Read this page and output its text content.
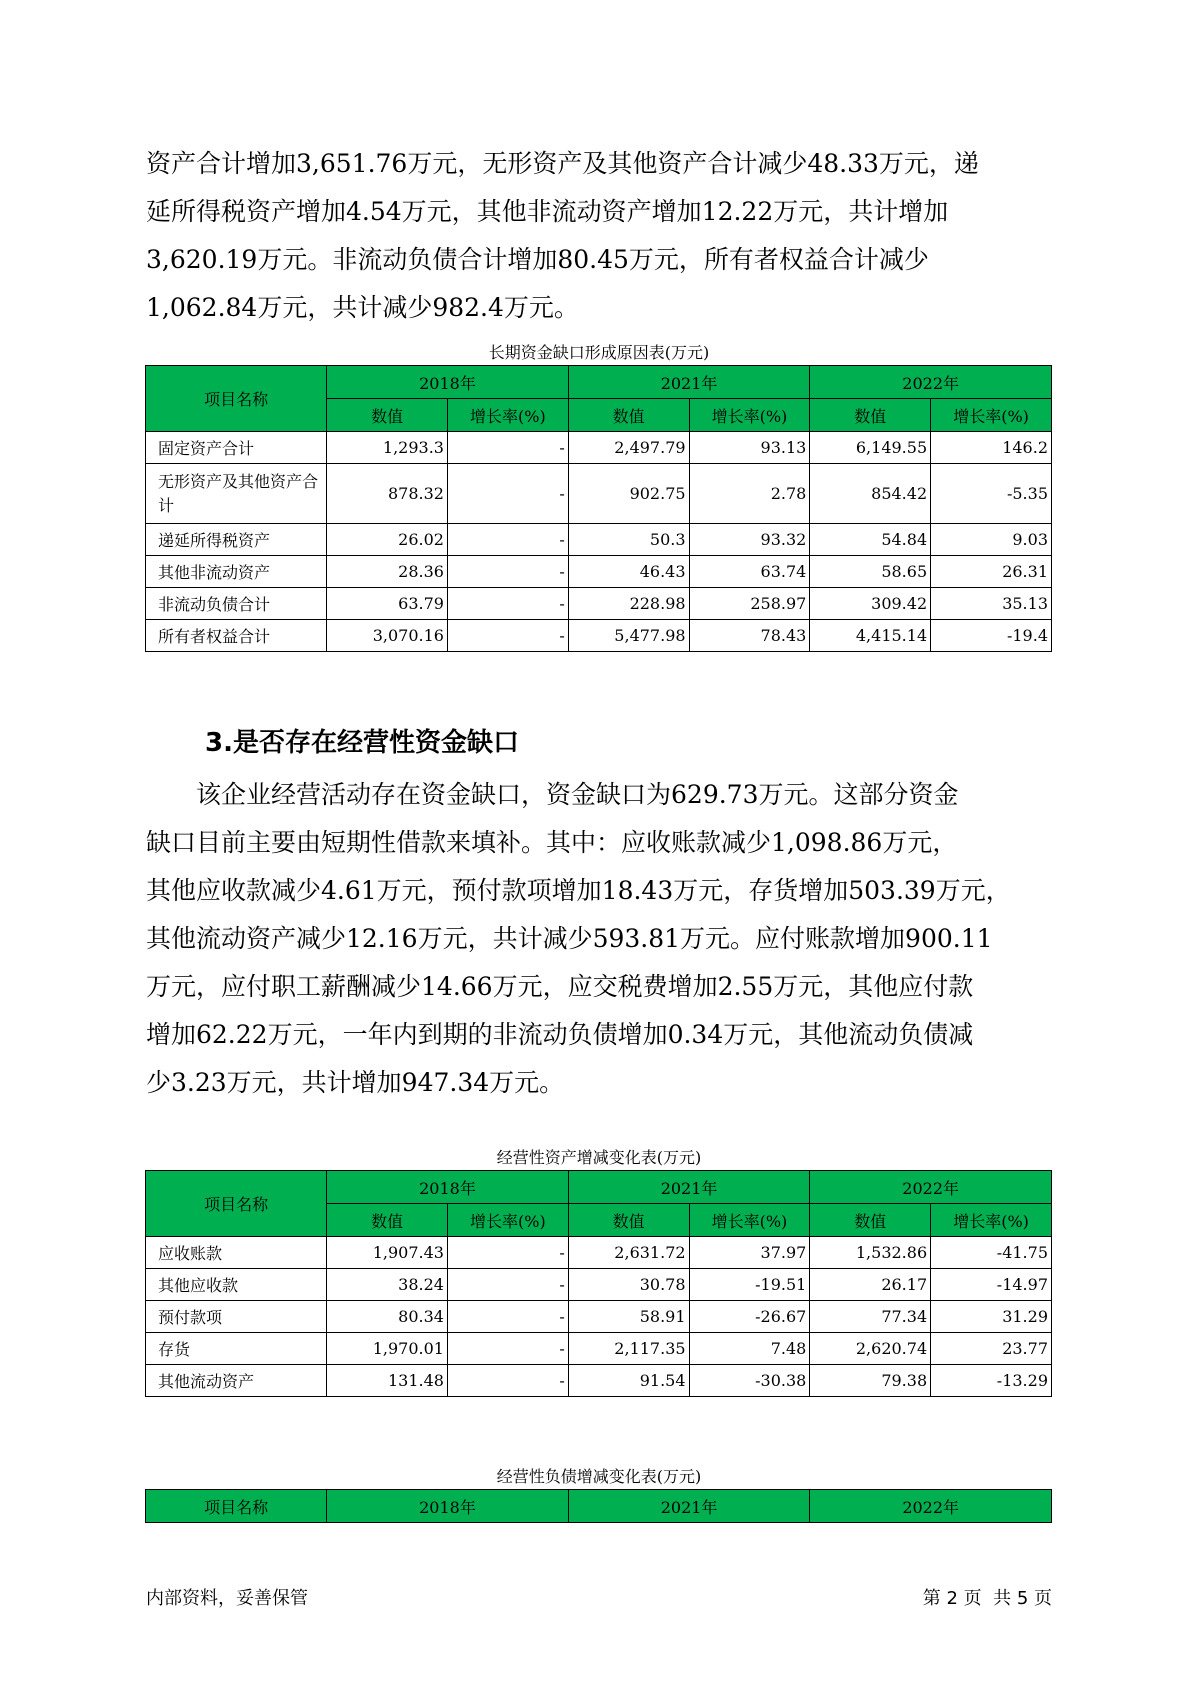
资产合计增加3,651.76万元，无形资产及其他资产合计减少48.33万元，递
延所得税资产增加4.54万元，其他非流动资产增加12.22万元，共计增加
3,620.19万元。非流动负债合计增加80.45万元，所有者权益合计减少
1,062.84万元，共计减少982.4万元。
长期资金缺口形成原因表(万元)
项目名称	2018年		2021年		2022年	
	数值	增长率(%)	数值	增长率(%)	数值	增长率(%)
固定资产合计	1,293.3	-	2,497.79	93.13	6,149.55	146.2
无形资产及其他资产合计	878.32	-	902.75	2.78	854.42	-5.35
递延所得税资产	26.02	-	50.3	93.32	54.84	9.03
其他非流动资产	28.36	-	46.43	63.74	58.65	26.31
非流动负债合计	63.79	-	228.98	258.97	309.42	35.13
所有者权益合计	3,070.16	-	5,477.98	78.43	4,415.14	-19.4
3.是否存在经营性资金缺口
该企业经营活动存在资金缺口，资金缺口为629.73万元。这部分资金
缺口目前主要由短期性借款来填补。其中：应收账款减少1,098.86万元，
其他应收款减少4.61万元，预付款项增加18.43万元，存货增加503.39万元，
其他流动资产减少12.16万元，共计减少593.81万元。应付账款增加900.11
万元，应付职工薪酬减少14.66万元，应交税费增加2.55万元，其他应付款
增加62.22万元，一年内到期的非流动负债增加0.34万元，其他流动负债减
少3.23万元，共计增加947.34万元。
经营性资产增减变化表(万元)
项目名称	2018年		2021年		2022年	
	数值	增长率(%)	数值	增长率(%)	数值	增长率(%)
应收账款	1,907.43	-	2,631.72	37.97	1,532.86	-41.75
其他应收款	38.24	-	30.78	-19.51	26.17	-14.97
预付款项	80.34	-	58.91	-26.67	77.34	31.29
存货	1,970.01	-	2,117.35	7.48	2,620.74	23.77
其他流动资产	131.48	-	91.54	-30.38	79.38	-13.29
经营性负债增减变化表(万元)
项目名称	2018年	2021年	2022年
内部资料，妥善保管	第 2 页  共 5 页
